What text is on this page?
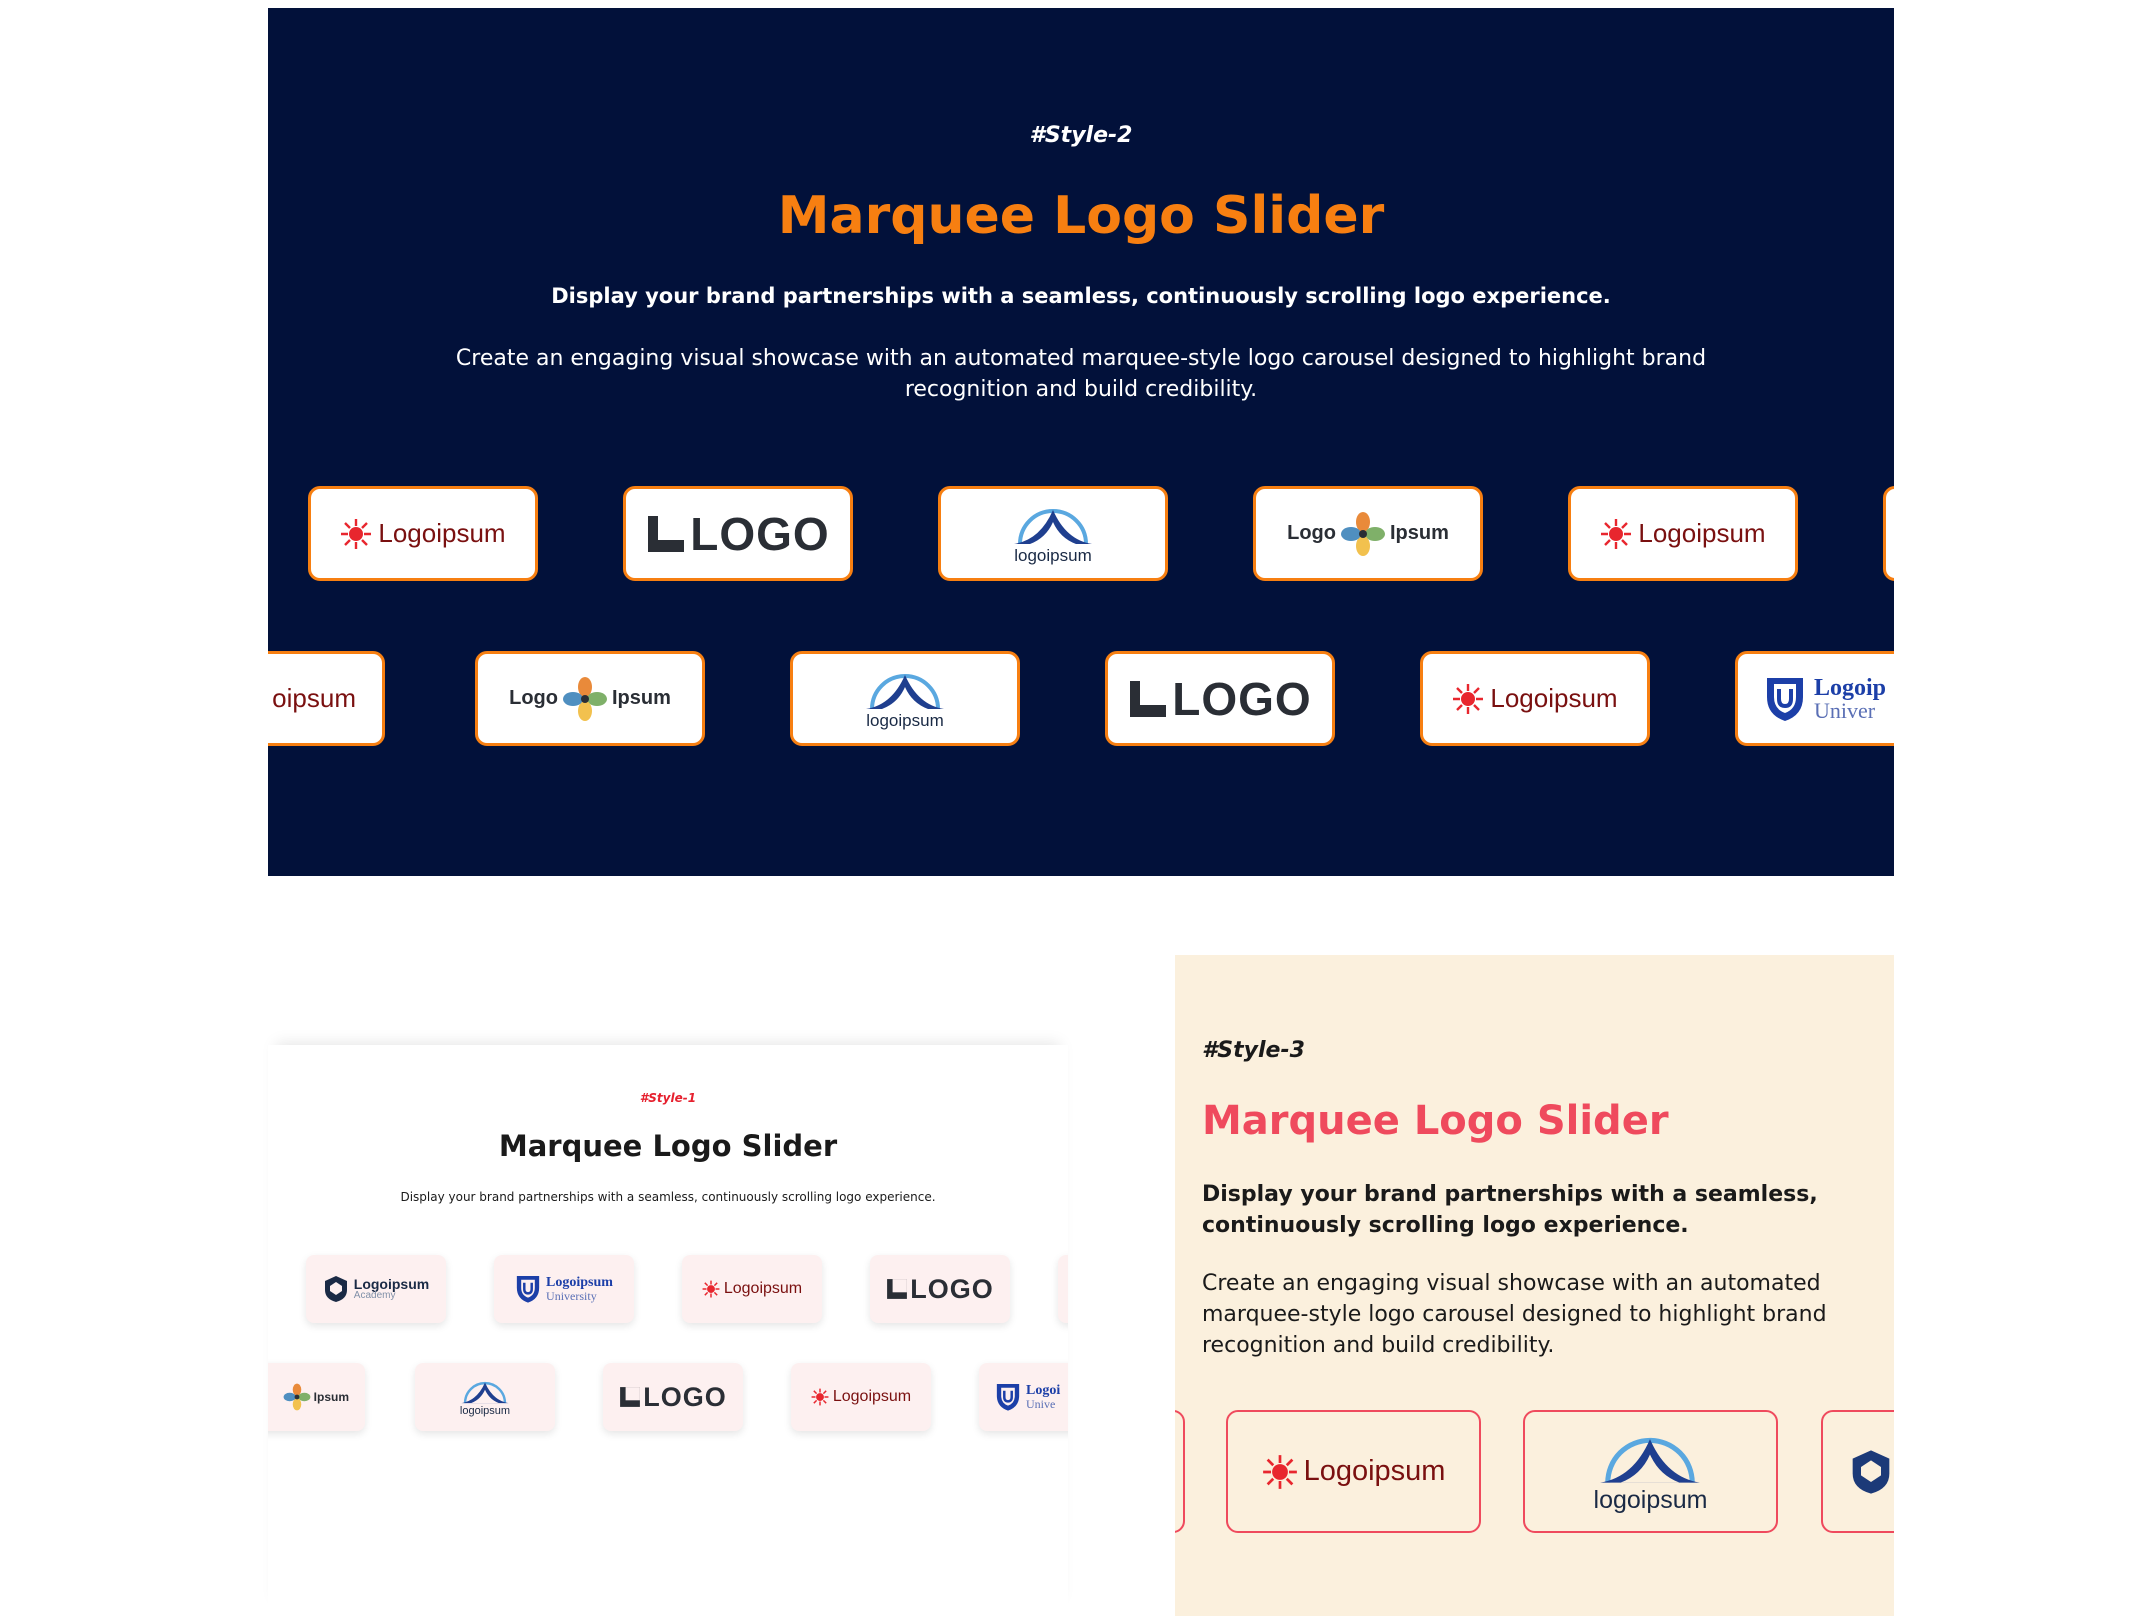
#Style-2
Marquee Logo Slider
Display your brand partnerships with a seamless, continuously scrolling logo experience.
Create an engaging visual showcase with an automated marquee-style logo carousel designed to highlight brand recognition and build credibility.
Logoipsum	LOGO	logoipsum
Logo	Ipsum	Logoipsum
oipsum	Logo	Ipsum
logoipsum	LOGO	Logoipsum	Logoip
Univer
#Style-1
Marquee Logo Slider
Display your brand partnerships with a seamless, continuously scrolling logo experience.
Logoipsum
Academy
Logoipsum
University	Logoipsum	LOGO
Ipsum
logoipsum	LOGO	Logoipsum	Logoi
Unive
#Style-3
Marquee Logo Slider
Display your brand partnerships with a seamless, continuously scrolling logo experience.
Create an engaging visual showcase with an automated marquee-style logo carousel designed to highlight brand recognition and build credibility.
Logoipsum
logoipsum
